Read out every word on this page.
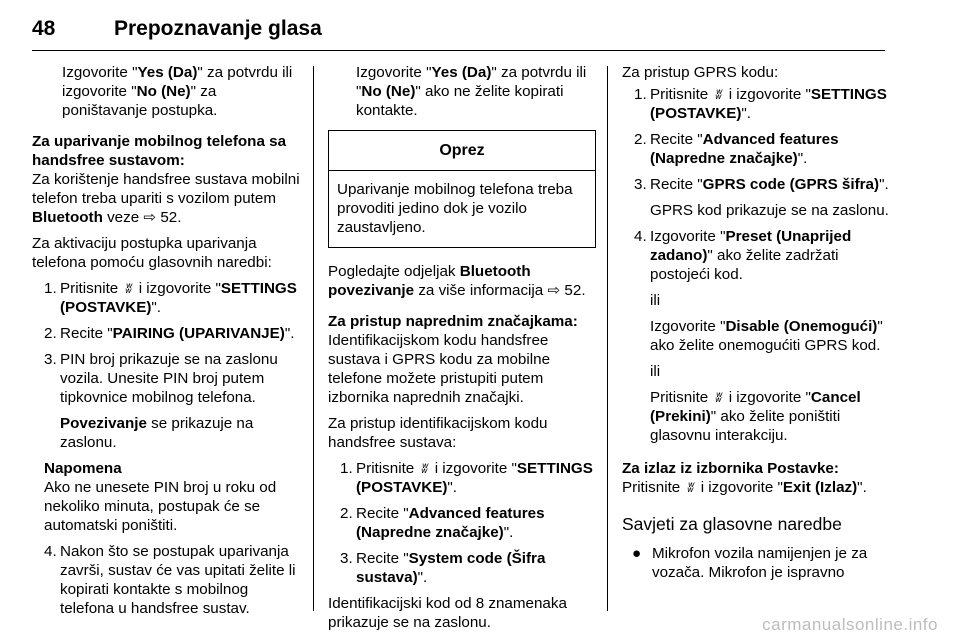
48	Prepoznavanje glasa

Izgovorite "Yes (Da)" za potvrdu ili izgovorite "No (Ne)" za poništavanje postupka.

Za uparivanje mobilnog telefona sa handsfree sustavom:

Za korištenje handsfree sustava mobilni telefon treba upariti s vozilom putem Bluetooth veze ⇨ 52.

Za aktivaciju postupka uparivanja telefona pomoću glasovnih naredbi:

1. Pritisnite ʬ i izgovorite "SETTINGS (POSTAVKE)".
2. Recite "PAIRING (UPARIVANJE)".
3. PIN broj prikazuje se na zaslonu vozila. Unesite PIN broj putem tipkovnice mobilnog telefona.

Povezivanje se prikazuje na zaslonu.

Napomena
Ako ne unesete PIN broj u roku od nekoliko minuta, postupak će se automatski poništiti.
4. Nakon što se postupak uparivanja završi, sustav će vas upitati želite li kopirati kontakte s mobilnog telefona u handsfree sustav.

Izgovorite "Yes (Da)" za potvrdu ili "No (Ne)" ako ne želite kopirati kontakte.

Oprez
Uparivanje mobilnog telefona treba provoditi jedino dok je vozilo zaustavljeno.

Pogledajte odjeljak Bluetooth povezivanje za više informacija ⇨ 52.

Za pristup naprednim značajkama:

Identifikacijskom kodu handsfree sustava i GPRS kodu za mobilne telefone možete pristupiti putem izbornika naprednih značajki.

Za pristup identifikacijskom kodu handsfree sustava:

1. Pritisnite ʬ i izgovorite "SETTINGS (POSTAVKE)".
2. Recite "Advanced features (Napredne značajke)".
3. Recite "System code (Šifra sustava)".

Identifikacijski kod od 8 znamenaka prikazuje se na zaslonu.

Za pristup GPRS kodu:

1. Pritisnite ʬ i izgovorite "SETTINGS (POSTAVKE)".
2. Recite "Advanced features (Napredne značajke)".
3. Recite "GPRS code (GPRS šifra)".

GPRS kod prikazuje se na zaslonu.

4. Izgovorite "Preset (Unaprijed zadano)" ako želite zadržati postojeći kod.

ili

Izgovorite "Disable (Onemogući)" ako želite onemogućiti GPRS kod.

ili

Pritisnite ʬ i izgovorite "Cancel (Prekini)" ako želite poništiti glasovnu interakciju.

Za izlaz iz izbornika Postavke:

Pritisnite ʬ i izgovorite "Exit (Izlaz)".

Savjeti za glasovne naredbe

● Mikrofon vozila namijenjen je za vozača. Mikrofon je ispravno
carmanualsonline.info
